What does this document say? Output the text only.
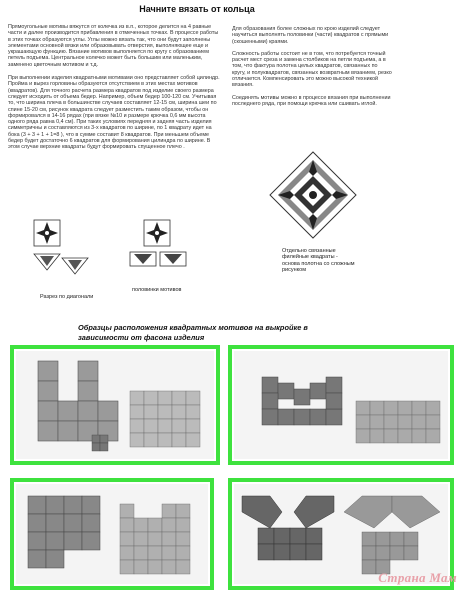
Начните вязать от кольца

Прямоугольные мотивы вяжутся от колечка из в.п., которое делится на 4 равные части и далее производится прибавления в отмеченных точках. В процессе работы в этих точках образуются углы. Углы можно вязать так, что они будут заполнены элементами основной вязки или образовывать отверстия, выполняющее еще и украшающую функцию. Вязание мотивов выполняется по кругу с образованием петель подъема. Центральное колечко может быть большим или маленьким, заменено цветочным мотивом и т.д.

При выполнении изделия квадратными мотивами оно представляет собой цилиндр. Пройма и вырез горловины образуются отсутствием в этих местах мотивов (квадратов). Для точного расчета размера квадратов под изделие своего размера следует исходить от объема бедер. Например, объем бедер 100-120 см. Учитывая то, что ширина плеча в большинстве случаев составляет 12-15 см, ширина шеи по спине 15-20 см, рисунок квадрата следует разместить таким образом, чтобы он формировался в 14-16 рядах (при вязке №10 и размере крючка 0,6 мм высота одного ряда равна 0,4 см). При таких условиях передняя и задняя часть изделия симметричны и составляются из 3-х квадратов по ширине, по 1 квадрату идет на бока (3 + 3 + 1 + 1=8 ), что в сумме составит 8 квадратов. При меньшем объеме бедер будет достаточно 6 квадратов для формирования цилиндра по ширине. В этом случае верхние квадраты будут формировать спущенное плечо .

Для образования более сложных по крою изделий следует научиться выполнять половинки (части) квадратов с прямыми (скошенными) краями.

Сложность работы состоит не в том, что потребуется точный расчет мест среза и замена столбиков на петли подъема, а в том, что фактура полотна целых квадратов, связанных по кругу, и полуквадратов, связанных возвратным вязанием, резко отличается. Компенсировать это можно высокой техникой вязания.

Соединять мотивы можно в процессе вязания при выполнении последнего ряда, при помощи крючка или сшивать иглой.

Разрез по диагонали
половинки мотивов
Отдельно связанные филейные квадраты - основа полотна со сложным рисунком
Образцы расположения квадратных мотивов на выкройке в зависимости от фасона изделия
Страна Мам
